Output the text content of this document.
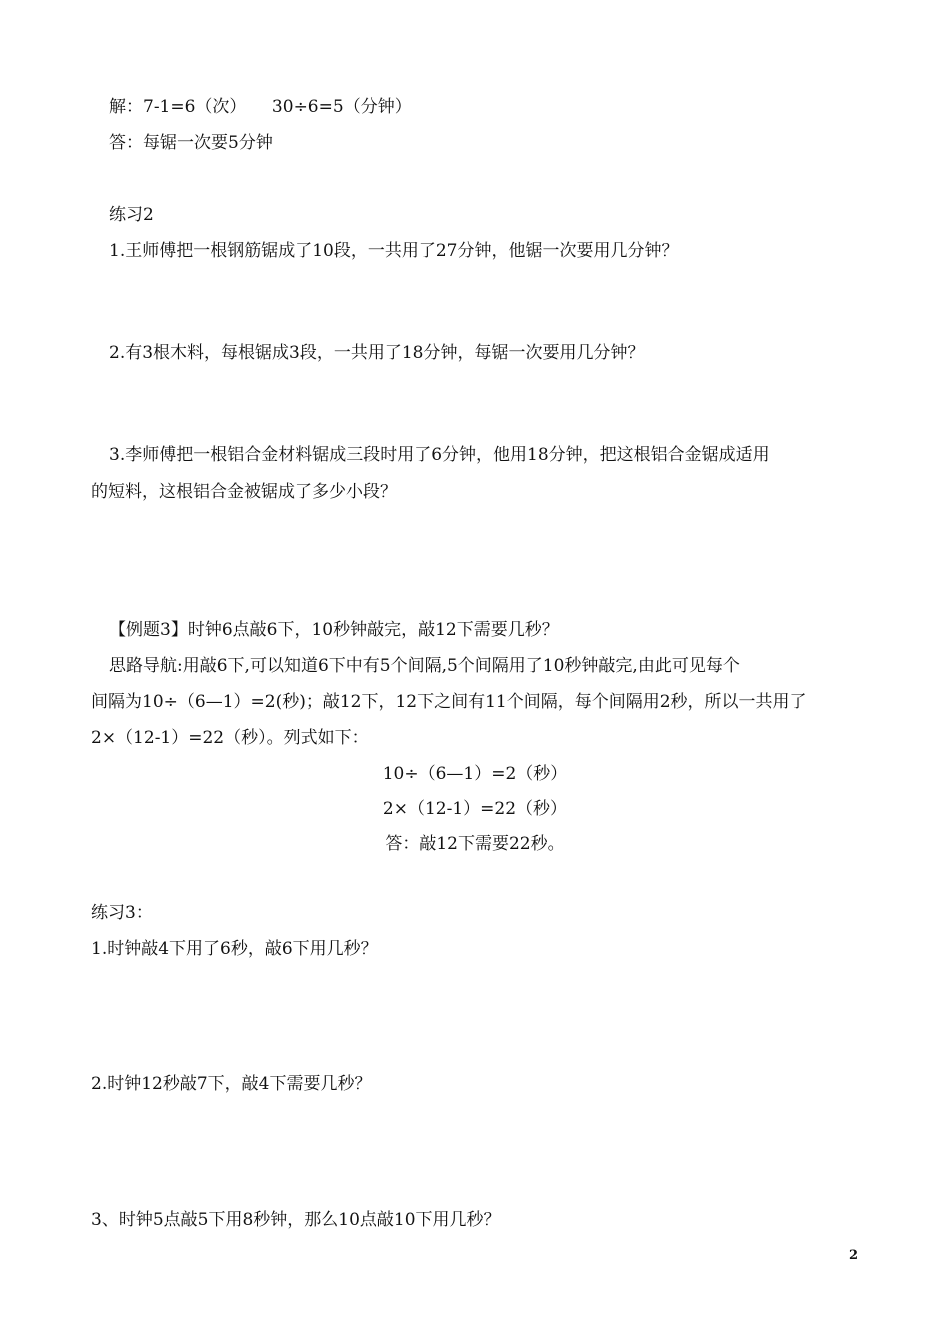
解：7-1=6（次）　　30÷6=5（分钟）
答：每锯一次要5分钟
练习2
1.王师傅把一根钢筋锯成了10段，一共用了27分钟，他锯一次要用几分钟？
2.有3根木料，每根锯成3段，一共用了18分钟，每锯一次要用几分钟？
3.李师傅把一根铝合金材料锯成三段时用了6分钟，他用18分钟，把这根铝合金锯成适用
的短料，这根铝合金被锯成了多少小段？
【例题3】时钟6点敲6下，10秒钟敲完，敲12下需要几秒？
思路导航:用敲6下,可以知道6下中有5个间隔,5个间隔用了10秒钟敲完,由此可见每个
间隔为10÷（6—1）=2(秒)；敲12下，12下之间有11个间隔，每个间隔用2秒，所以一共用了
2×（12-1）=22（秒）。列式如下：
10÷（6—1）=2（秒）
2×（12-1）=22（秒）
答：敲12下需要22秒。
练习3：
1.时钟敲4下用了6秒，敲6下用几秒？
2.时钟12秒敲7下，敲4下需要几秒？
3、时钟5点敲5下用8秒钟，那么10点敲10下用几秒？
2
